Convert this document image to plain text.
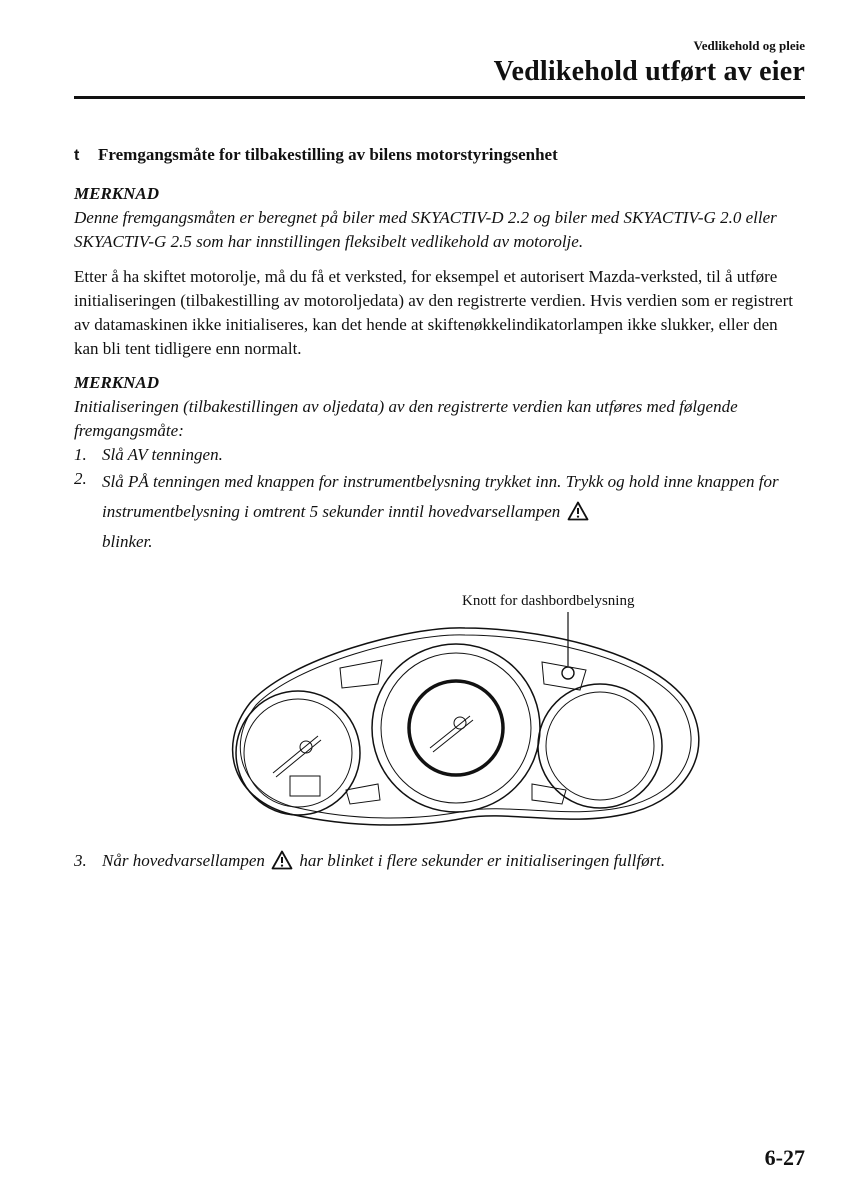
Vedlikehold og pleie
Vedlikehold utført av eier
t	Fremgangsmåte for tilbakestilling av bilens motorstyringsenhet
MERKNAD

Denne fremgangsmåten er beregnet på biler med SKYACTIV-D 2.2 og biler med SKYACTIV-G 2.0 eller SKYACTIV-G 2.5 som har innstillingen fleksibelt vedlikehold av motorolje.

Etter å ha skiftet motorolje, må du få et verksted, for eksempel et autorisert Mazda-verksted, til å utføre initialiseringen (tilbakestilling av motoroljedata) av den registrerte verdien. Hvis verdien som er registrert av datamaskinen ikke initialiseres, kan det hende at skiftenøkkelindikatorlampen ikke slukker, eller den kan bli tent tidligere enn normalt.

MERKNAD

Initialiseringen (tilbakestillingen av oljedata) av den registrerte verdien kan utføres med følgende fremgangsmåte:

1. Slå AV tenningen.
2. Slå PÅ tenningen med knappen for instrumentbelysning trykket inn. Trykk og hold inne knappen for instrumentbelysning i omtrent 5 sekunder inntil hovedvarsellampen
blinker.
Knott for dashbordbelysning
3. Når hovedvarsellampen har blinket i flere sekunder er initialiseringen fullført.
6-27
